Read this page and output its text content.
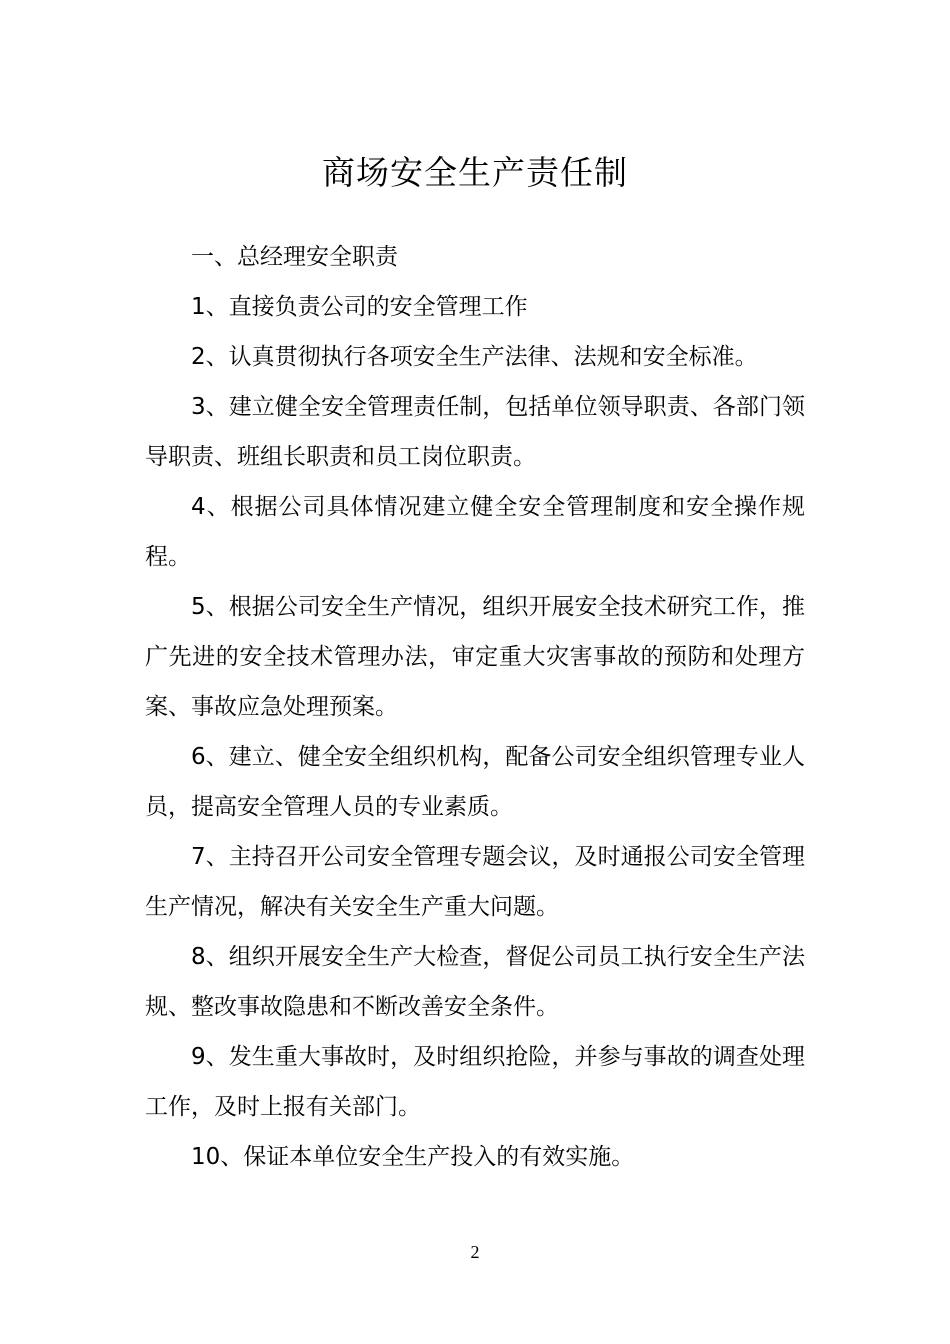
商场安全生产责任制

一、总经理安全职责

1、直接负责公司的安全管理工作

2、认真贯彻执行各项安全生产法律、法规和安全标准。

3、建立健全安全管理责任制，包括单位领导职责、各部门领导职责、班组长职责和员工岗位职责。

4、根据公司具体情况建立健全安全管理制度和安全操作规程。

5、根据公司安全生产情况，组织开展安全技术研究工作，推广先进的安全技术管理办法，审定重大灾害事故的预防和处理方案、事故应急处理预案。

6、建立、健全安全组织机构，配备公司安全组织管理专业人员，提高安全管理人员的专业素质。

7、主持召开公司安全管理专题会议，及时通报公司安全管理生产情况，解决有关安全生产重大问题。

8、组织开展安全生产大检查，督促公司员工执行安全生产法规、整改事故隐患和不断改善安全条件。

9、发生重大事故时，及时组织抢险，并参与事故的调查处理工作，及时上报有关部门。

10、保证本单位安全生产投入的有效实施。

2
